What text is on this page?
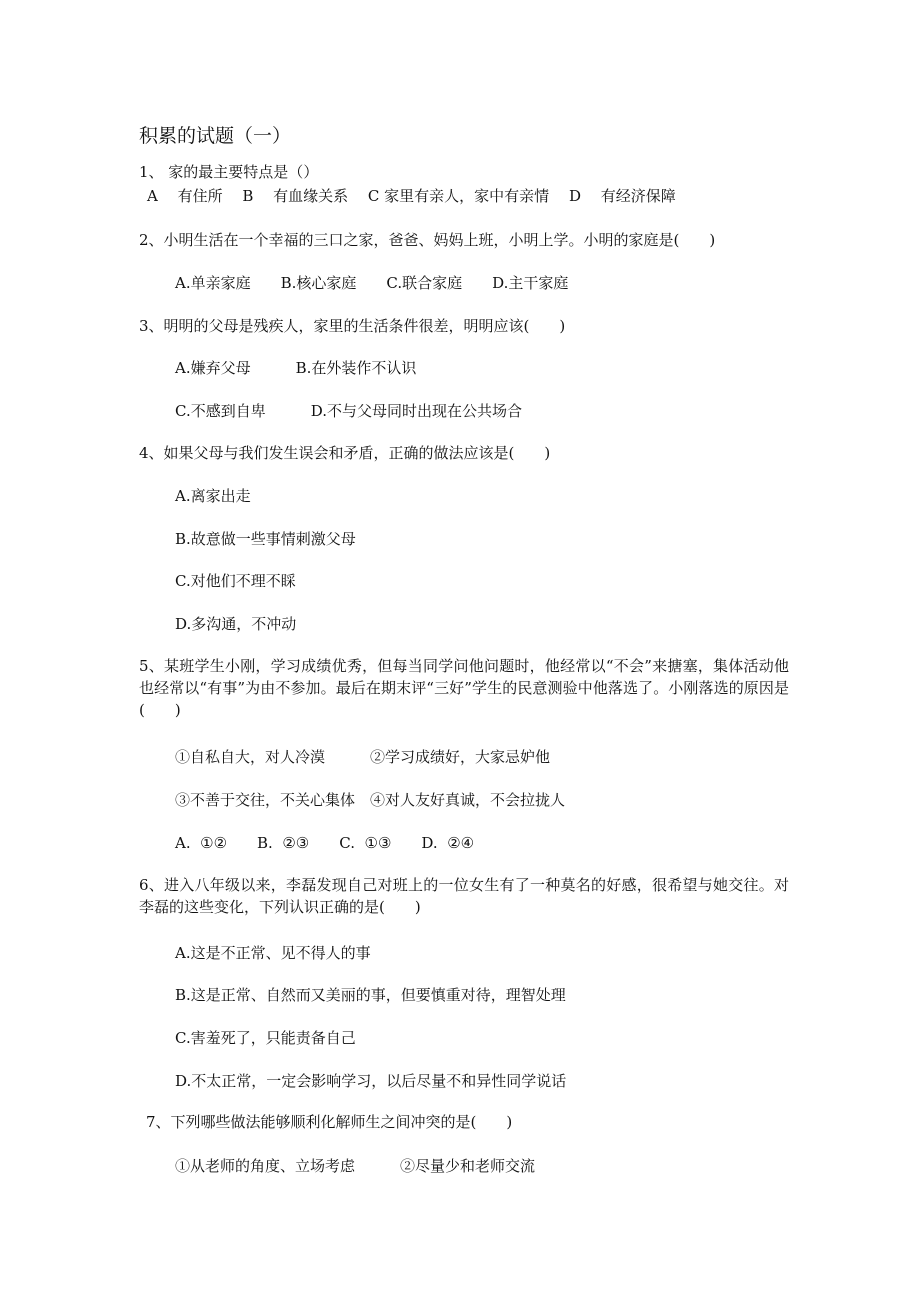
积累的试题（一）
1、 家的最主要特点是（）
A　 有住所 　B　 有血缘关系　 C 家里有亲人，家中有亲情　 D　 有经济保障
2、小明生活在一个幸福的三口之家，爸爸、妈妈上班，小明上学。小明的家庭是(　　)
A.单亲家庭　　B.核心家庭　　C.联合家庭　　D.主干家庭
3、明明的父母是残疾人，家里的生活条件很差，明明应该(　　)
A.嫌弃父母　　　B.在外装作不认识
C.不感到自卑　　　D.不与父母同时出现在公共场合
4、如果父母与我们发生误会和矛盾，正确的做法应该是(　　)
A.离家出走
B.故意做一些事情刺激父母
C.对他们不理不睬
D.多沟通，不冲动
5、某班学生小刚，学习成绩优秀，但每当同学问他问题时，他经常以“不会”来搪塞，集体活动他也经常以“有事”为由不参加。最后在期末评“三好”学生的民意测验中他落选了。小刚落选的原因是(　　)
①自私自大，对人冷漠　　　②学习成绩好，大家忌妒他
③不善于交往，不关心集体　④对人友好真诚，不会拉拢人
A.  ①②　　B.  ②③　　C.  ①③　　D.  ②④
6、进入八年级以来，李磊发现自己对班上的一位女生有了一种莫名的好感，很希望与她交往。对李磊的这些变化，下列认识正确的是(　　)
A.这是不正常、见不得人的事
B.这是正常、自然而又美丽的事，但要慎重对待，理智处理
C.害羞死了，只能责备自己
D.不太正常，一定会影响学习，以后尽量不和异性同学说话
7、下列哪些做法能够顺利化解师生之间冲突的是(　　)
①从老师的角度、立场考虑　　　②尽量少和老师交流
